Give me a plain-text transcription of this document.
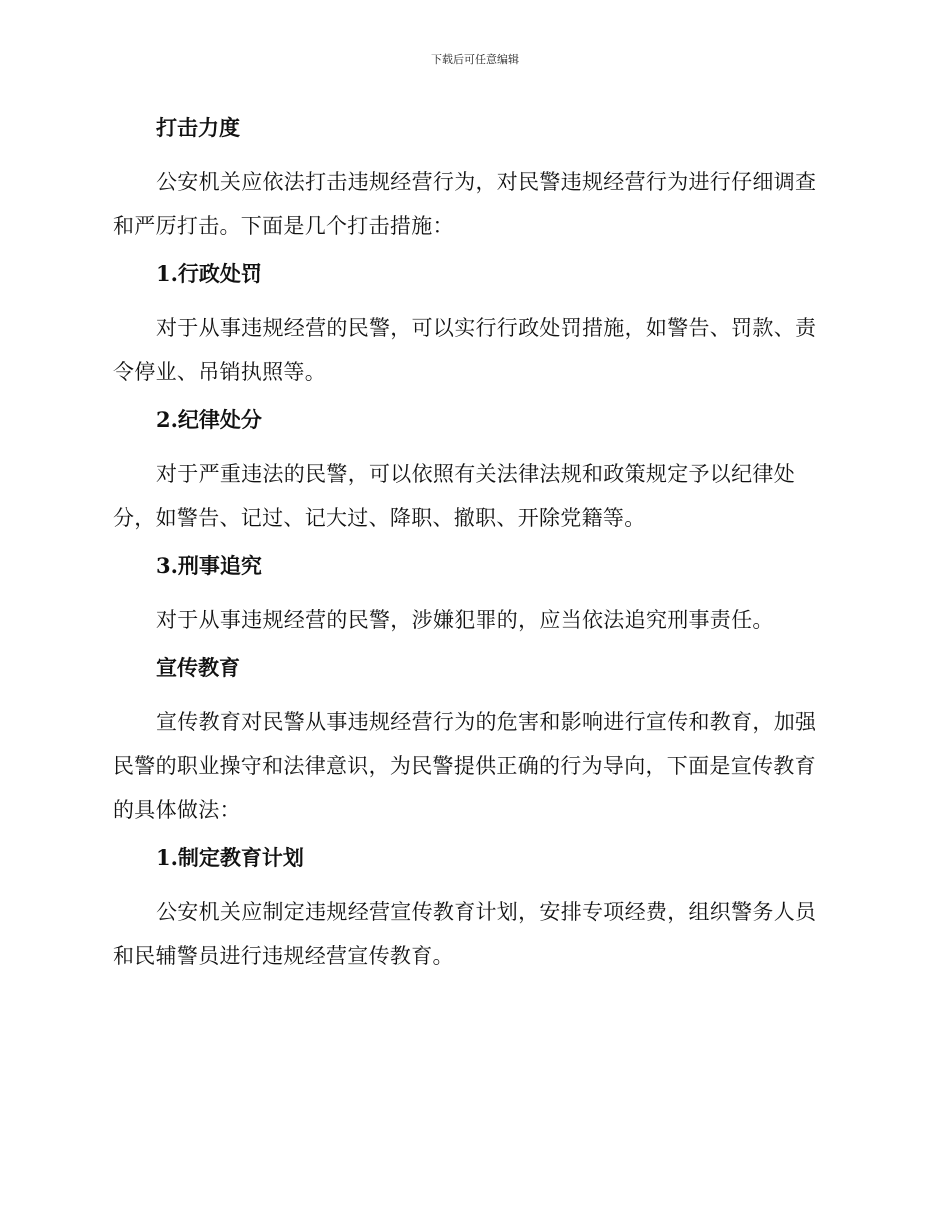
下载后可任意编辑
打击力度

公安机关应依法打击违规经营行为，对民警违规经营行为进行仔细调查
和严厉打击。下面是几个打击措施：

1.行政处罚

对于从事违规经营的民警，可以实行行政处罚措施，如警告、罚款、责
令停业、吊销执照等。

2.纪律处分

对于严重违法的民警，可以依照有关法律法规和政策规定予以纪律处
分，如警告、记过、记大过、降职、撤职、开除党籍等。

3.刑事追究

对于从事违规经营的民警，涉嫌犯罪的，应当依法追究刑事责任。

宣传教育

宣传教育对民警从事违规经营行为的危害和影响进行宣传和教育，加强
民警的职业操守和法律意识，为民警提供正确的行为导向，下面是宣传教育
的具体做法：

1.制定教育计划

公安机关应制定违规经营宣传教育计划，安排专项经费，组织警务人员
和民辅警员进行违规经营宣传教育。
